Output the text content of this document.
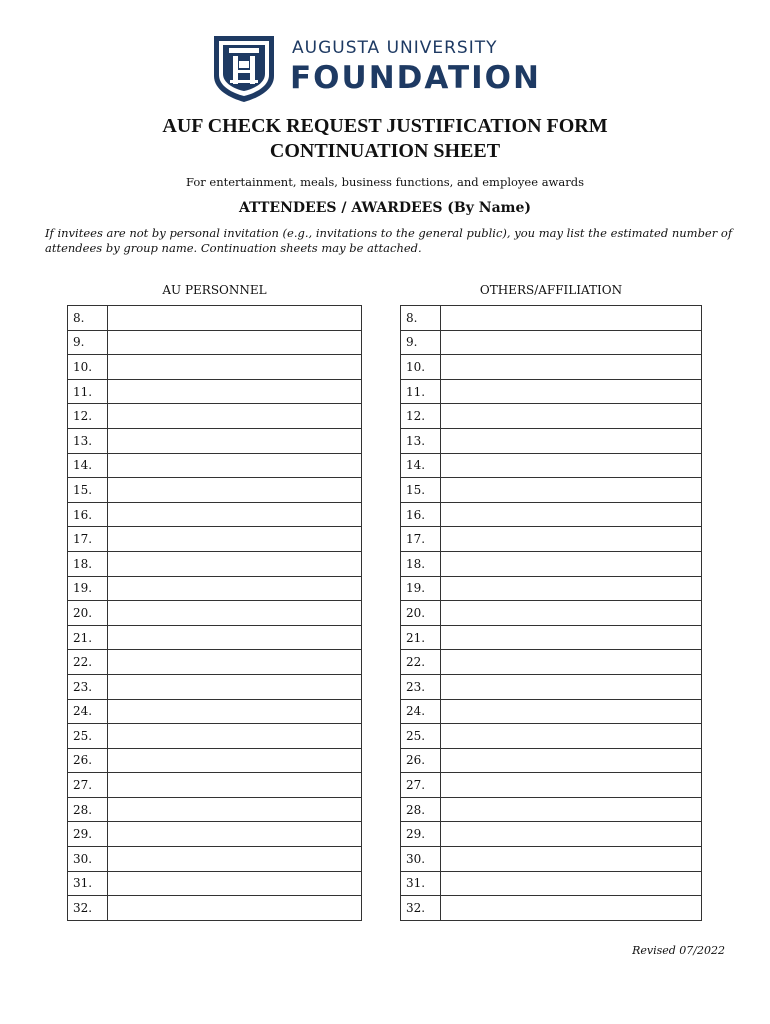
AUGUSTA UNIVERSITY
FOUNDATION
AUF CHECK REQUEST JUSTIFICATION FORM
CONTINUATION SHEET
For entertainment, meals, business functions, and employee awards
ATTENDEES / AWARDEES (By Name)
If invitees are not by personal invitation (e.g., invitations to the general public), you may list the estimated number of attendees by group name. Continuation sheets may be attached.
AU PERSONNEL	OTHERS/AFFILIATION
8.	
9.	
10.	
11.	
12.	
13.	
14.	
15.	
16.	
17.	
18.	
19.	
20.	
21.	
22.	
23.	
24.	
25.	
26.	
27.	
28.	
29.	
30.	
31.	
32.	
8.	
9.	
10.	
11.	
12.	
13.	
14.	
15.	
16.	
17.	
18.	
19.	
20.	
21.	
22.	
23.	
24.	
25.	
26.	
27.	
28.	
29.	
30.	
31.	
32.	
Revised 07/2022
